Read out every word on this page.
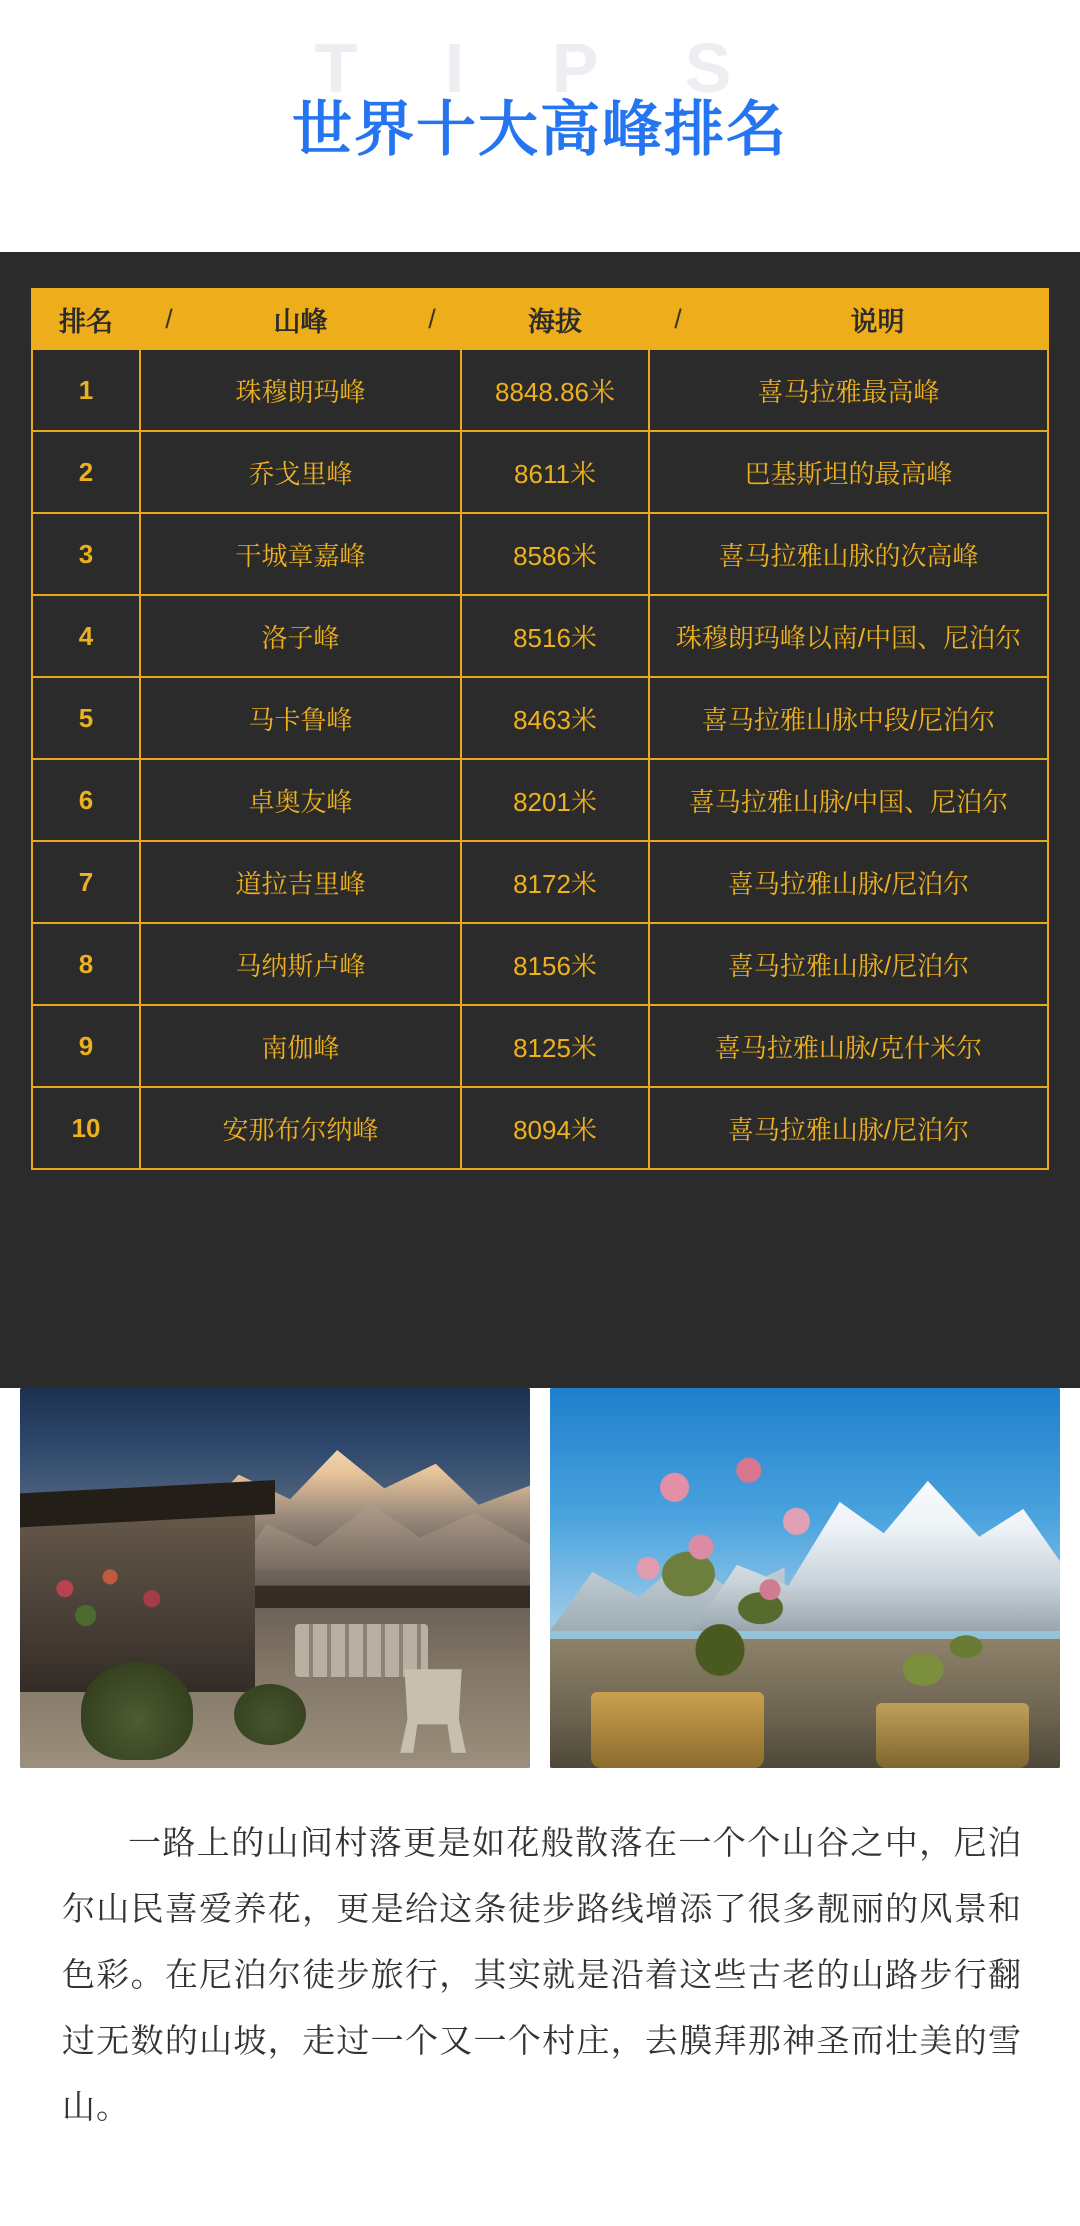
T I P S
世界十大高峰排名
排名	/	山峰	/	海拔	/	说明
1	珠穆朗玛峰			8848.86米	喜马拉雅最高峰	
2	乔戈里峰			8611米	巴基斯坦的最高峰	
3	干城章嘉峰			8586米	喜马拉雅山脉的次高峰	
4	洛子峰			8516米	珠穆朗玛峰以南/中国、尼泊尔	
5	马卡鲁峰			8463米	喜马拉雅山脉中段/尼泊尔	
6	卓奥友峰			8201米	喜马拉雅山脉/中国、尼泊尔	
7	道拉吉里峰			8172米	喜马拉雅山脉/尼泊尔	
8	马纳斯卢峰			8156米	喜马拉雅山脉/尼泊尔	
9	南伽峰			8125米	喜马拉雅山脉/克什米尔	
10	安那布尔纳峰			8094米	喜马拉雅山脉/尼泊尔	
一路上的山间村落更是如花般散落在一个个山谷之中，尼泊尔山民喜爱养花，更是给这条徒步路线增添了很多靓丽的风景和色彩。在尼泊尔徒步旅行，其实就是沿着这些古老的山路步行翻过无数的山坡，走过一个又一个村庄，去膜拜那神圣而壮美的雪山。
